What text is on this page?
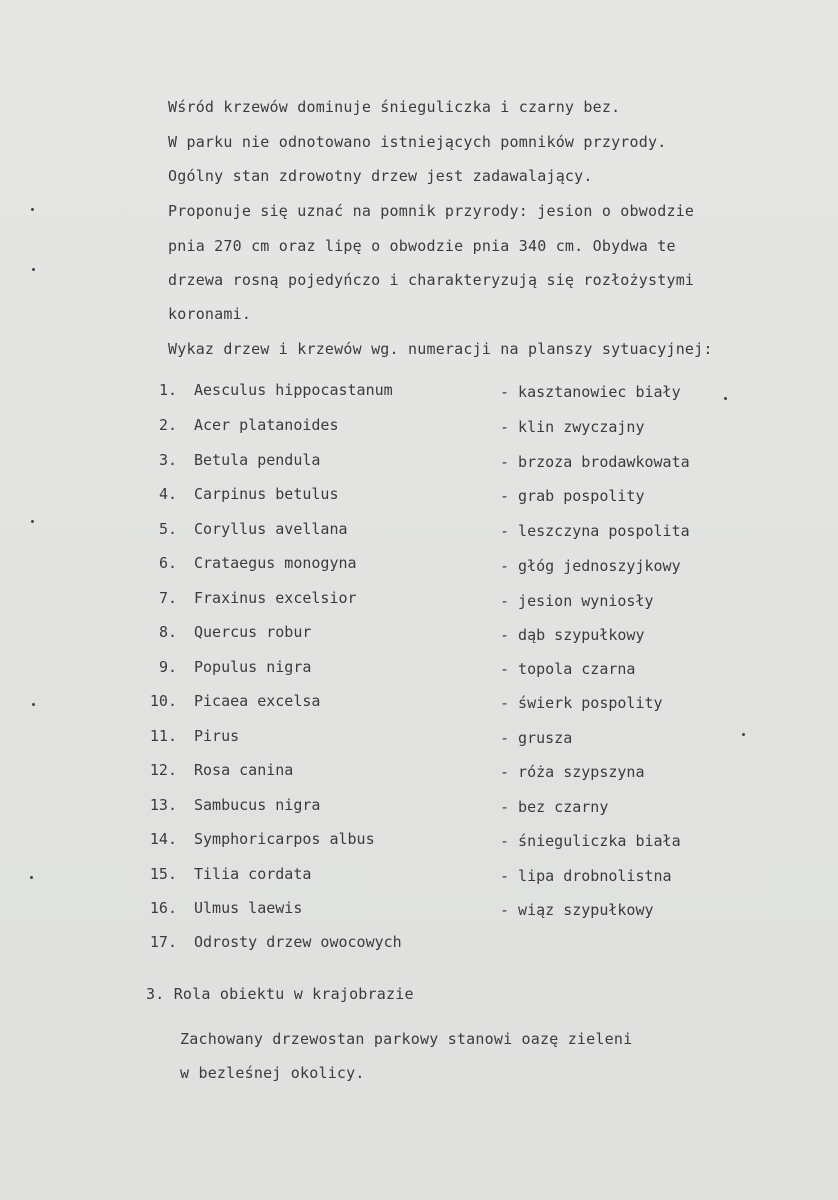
Wśród krzewów dominuje śnieguliczka i czarny bez.
W parku nie odnotowano istniejących pomników przyrody.
Ogólny stan zdrowotny drzew jest zadawalający.
Proponuje się uznać na pomnik przyrody: jesion o obwodzie
pnia 270 cm oraz lipę o obwodzie pnia 340 cm. Obydwa te
drzewa rosną pojedyńczo i charakteryzują się rozłożystymi
koronami.
Wykaz drzew i krzewów wg. numeracji na planszy sytuacyjnej:
1. Aesculus hippocastanum	- kasztanowiec biały
2. Acer platanoides	- klin zwyczajny
3. Betula pendula	- brzoza brodawkowata
4. Carpinus betulus	- grab pospolity
5. Coryllus avellana	- leszczyna pospolita
6. Crataegus monogyna	- głóg jednoszyjkowy
7. Fraxinus excelsior	- jesion wyniosły
8. Quercus robur	- dąb szypułkowy
9. Populus nigra	- topola czarna
10. Picaea excelsa	- świerk pospolity
11. Pirus	- grusza
12. Rosa canina	- róża szypszyna
13. Sambucus nigra	- bez czarny
14. Symphoricarpos albus	- śnieguliczka biała
15. Tilia cordata	- lipa drobnolistna
16. Ulmus laewis	- wiąz szypułkowy
17. Odrosty drzew owocowych
3. Rola obiektu w krajobrazie
Zachowany drzewostan parkowy stanowi oazę zieleni
w bezleśnej okolicy.
